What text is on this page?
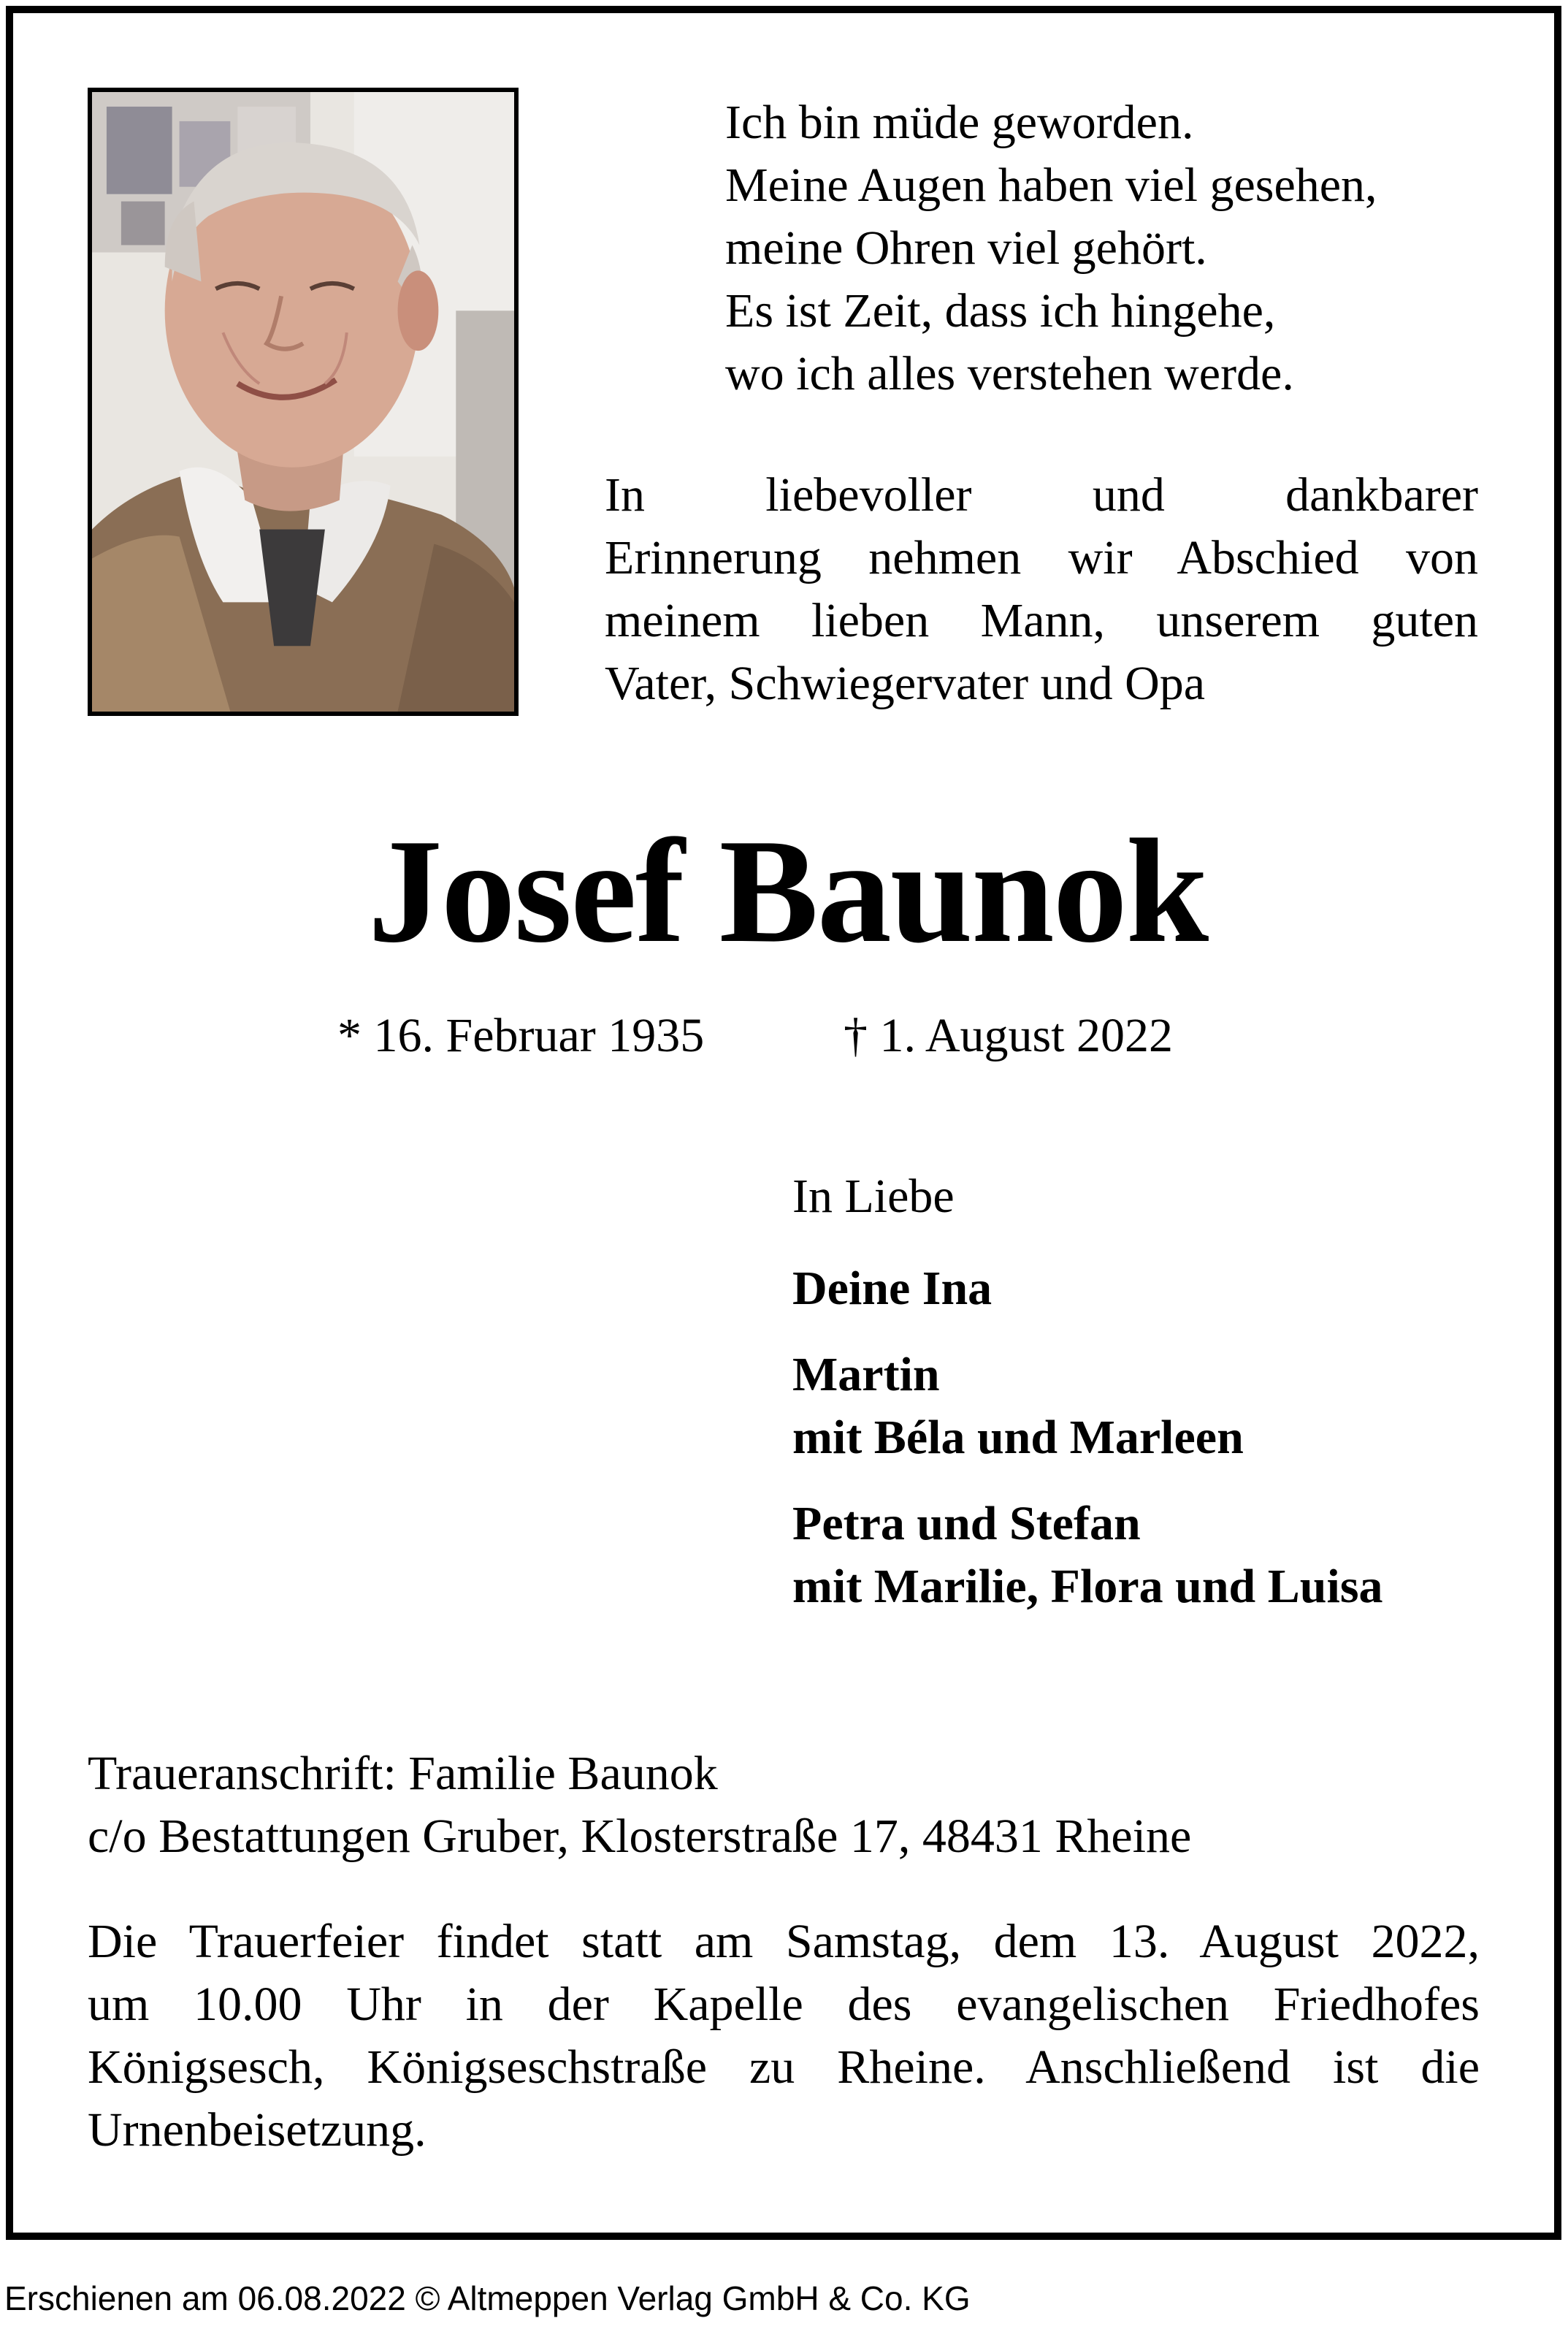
Ich bin müde geworden.
Meine Augen haben viel gesehen,
meine Ohren viel gehört.
Es ist Zeit, dass ich hingehe,
wo ich alles verstehen werde.
In liebevoller und dankbarer
Erinnerung nehmen wir Abschied von
meinem lieben Mann, unserem guten
Vater, Schwiegervater und Opa
Josef Baunok
* 16. Februar 1935	† 1. August 2022
In Liebe
Deine Ina
Martin
mit Béla und Marleen
Petra und Stefan
mit Marilie, Flora und Luisa
Traueranschrift: Familie Baunok
c/o Bestattungen Gruber, Klosterstraße 17, 48431 Rheine
Die Trauerfeier findet statt am Samstag, dem 13. August 2022,
um 10.00 Uhr in der Kapelle des evangelischen Friedhofes
Königsesch, Königseschstraße zu Rheine. Anschließend ist die
Urnenbeisetzung.
Erschienen am 06.08.2022 © Altmeppen Verlag GmbH & Co. KG
